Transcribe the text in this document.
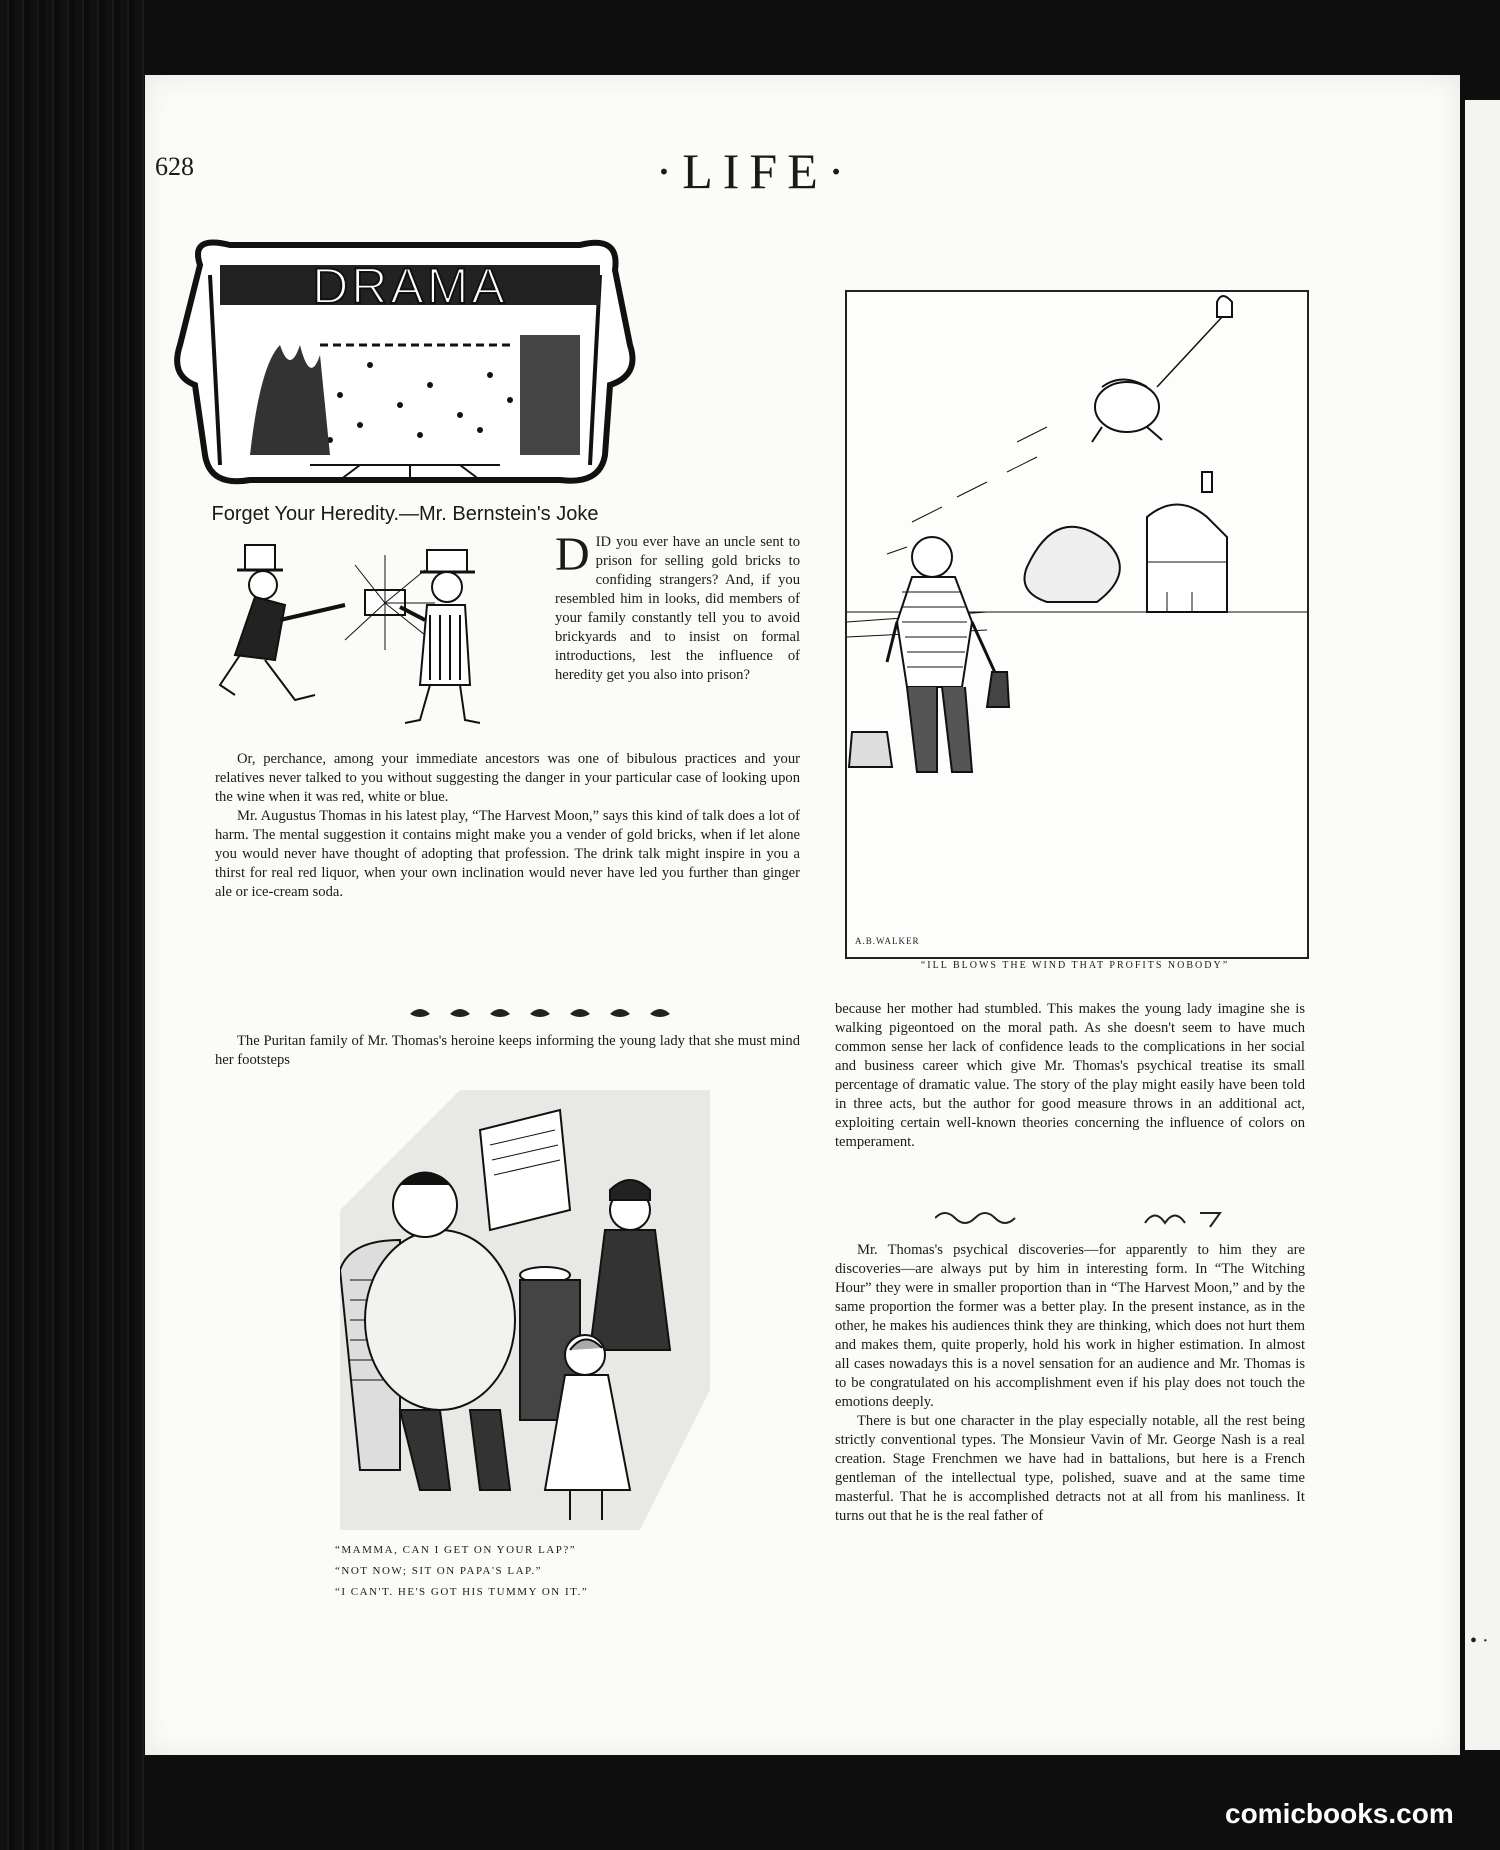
• ·
628	·LIFE·
DRAMA
Forget Your Heredity.—Mr. Bernstein's Joke
DID you ever have an uncle sent to prison for selling gold bricks to confiding strangers? And, if you resembled him in looks, did members of your family constantly tell you to avoid brickyards and to insist on formal introductions, lest the influence of heredity get you also into prison?

Or, perchance, among your immediate ancestors was one of bibulous practices and your relatives never talked to you without suggesting the danger in your particular case of looking upon the wine when it was red, white or blue.

Mr. Augustus Thomas in his latest play, “The Harvest Moon,” says this kind of talk does a lot of harm. The mental suggestion it contains might make you a vender of gold bricks, when if let alone you would never have thought of adopting that profession. The drink talk might inspire in you a thirst for real red liquor, when your own inclination would never have led you further than ginger ale or ice-cream soda.

The Puritan family of Mr. Thomas's heroine keeps informing the young lady that she must mind her footsteps

“MAMMA, CAN I GET ON YOUR LAP?”
“NOT NOW; SIT ON PAPA'S LAP.”
“I CAN'T. HE'S GOT HIS TUMMY ON IT.”
A.B.WALKER
“ILL BLOWS THE WIND THAT PROFITS NOBODY”

because her mother had stumbled. This makes the young lady imagine she is walking pigeontoed on the moral path. As she doesn't seem to have much common sense her lack of confidence leads to the complications in her social and business career which give Mr. Thomas's psychical treatise its small percentage of dramatic value. The story of the play might easily have been told in three acts, but the author for good measure throws in an additional act, exploiting certain well-known theories concerning the influence of colors on temperament.

Mr. Thomas's psychical discoveries—for apparently to him they are discoveries—are always put by him in interesting form. In “The Witching Hour” they were in smaller proportion than in “The Harvest Moon,” and by the same proportion the former was a better play. In the present instance, as in the other, he makes his audiences think they are thinking, which does not hurt them and makes them, quite properly, hold his work in higher estimation. In almost all cases nowadays this is a novel sensation for an audience and Mr. Thomas is to be congratulated on his accomplishment even if his play does not touch the emotions deeply.

There is but one character in the play especially notable, all the rest being strictly conventional types. The Monsieur Vavin of Mr. George Nash is a real creation. Stage Frenchmen we have had in battalions, but here is a French gentleman of the intellectual type, polished, suave and at the same time masterful. That he is accomplished detracts not at all from his manliness. It turns out that he is the real father of

comicbooks.com
